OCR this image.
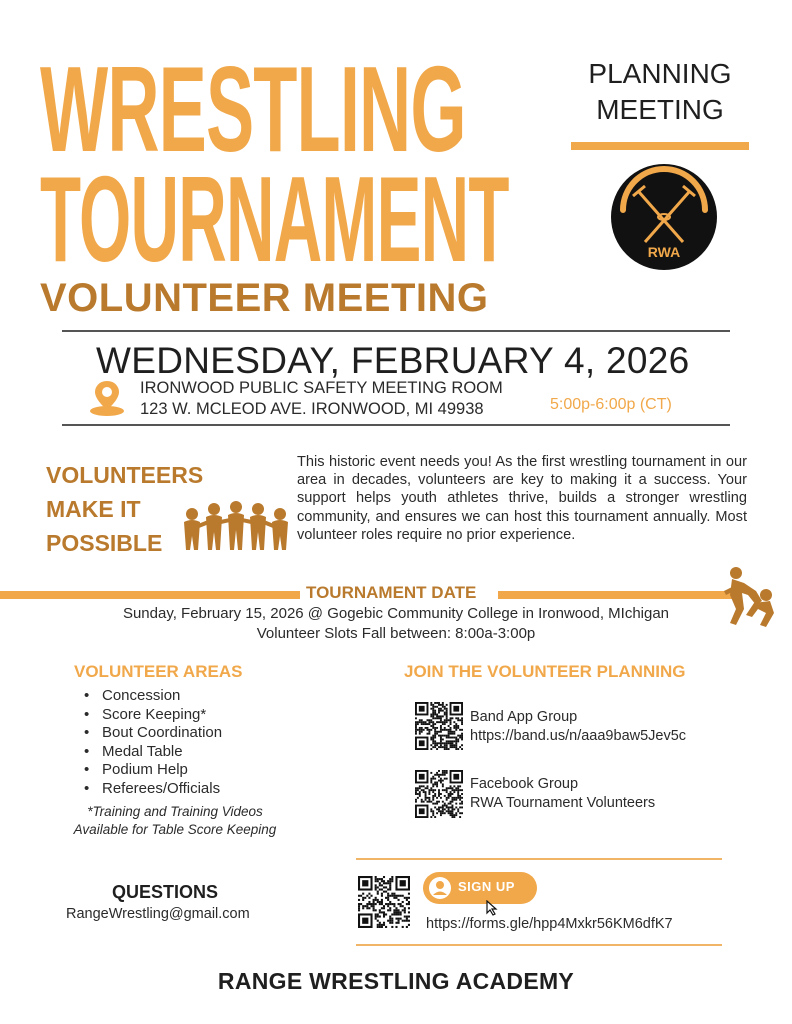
WRESTLING
TOURNAMENT
VOLUNTEER MEETING
PLANNING
MEETING
RWA
WEDNESDAY, FEBRUARY 4, 2026
IRONWOOD PUBLIC SAFETY MEETING ROOM
123 W. MCLEOD AVE. IRONWOOD, MI 49938	5:00p-6:00p (CT)
VOLUNTEERS
MAKE IT
POSSIBLE
This historic event needs you! As the first wrestling tournament in our area in decades, volunteers are key to making it a success. Your support helps youth athletes thrive, builds a stronger wrestling community, and ensures we can host this tournament annually. Most volunteer roles require no prior experience.
TOURNAMENT DATE
Sunday, February 15, 2026 @ Gogebic Community College in Ironwood, MIchigan
Volunteer Slots Fall between: 8:00a-3:00p
VOLUNTEER AREAS
• Concession
• Score Keeping*
• Bout Coordination
• Medal Table
• Podium Help
• Referees/Officials
*Training and Training Videos
Available for Table Score Keeping
JOIN THE VOLUNTEER PLANNING
Band App Group
https://band.us/n/aaa9baw5Jev5c
Facebook Group
RWA Tournament Volunteers
SIGN UP
https://forms.gle/hpp4Mxkr56KM6dfK7
QUESTIONS
RangeWrestling@gmail.com
RANGE WRESTLING ACADEMY
